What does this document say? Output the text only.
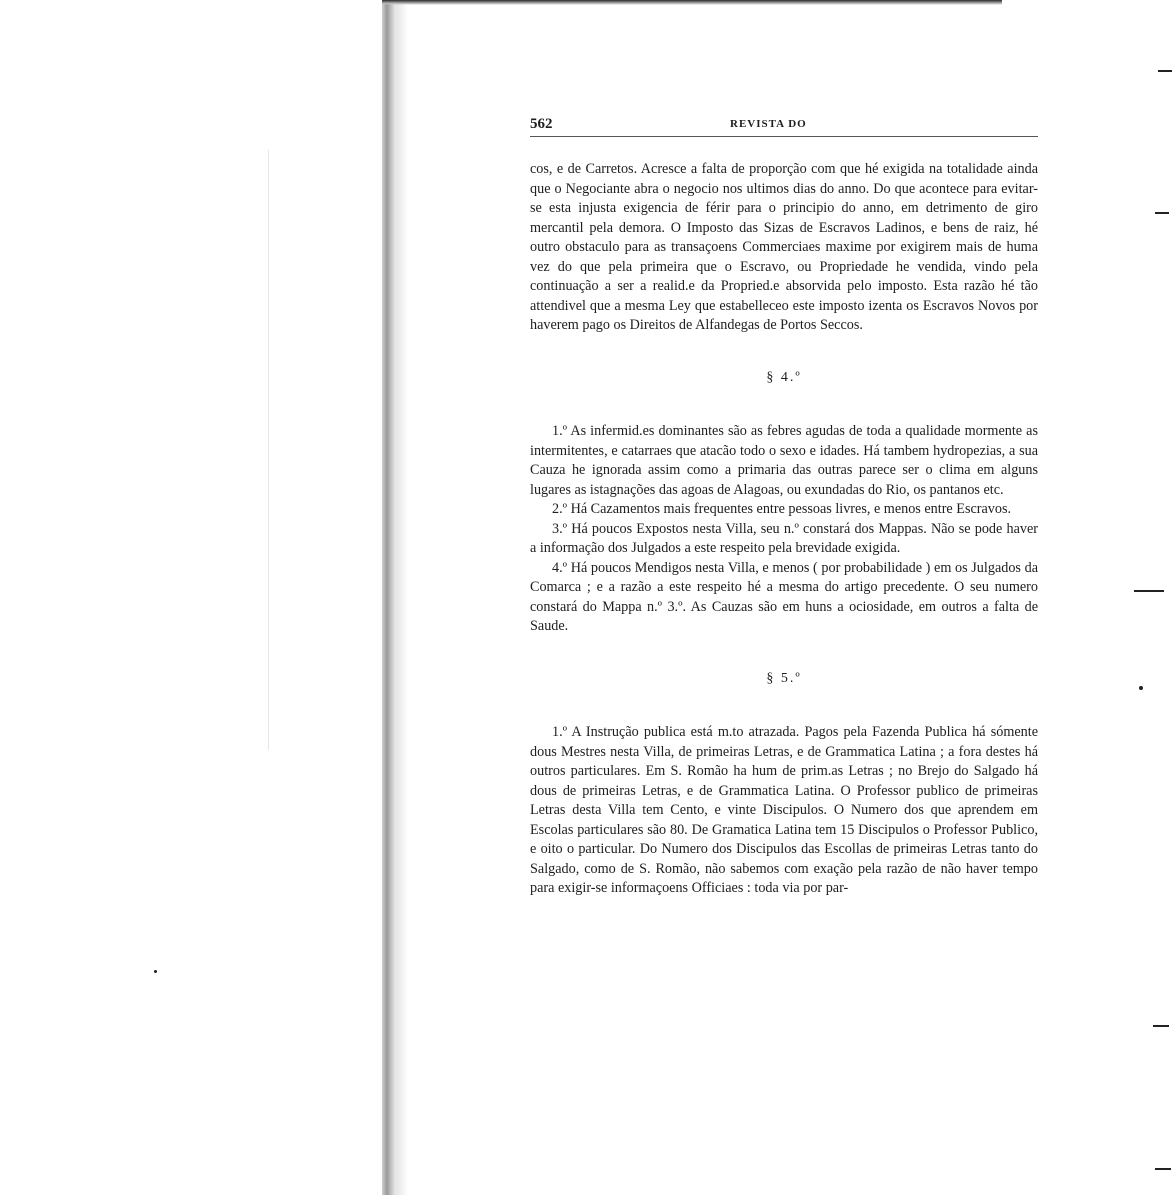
562	REVISTA DO

cos, e de Carretos. Acresce a falta de proporção com que hé exigida na totalidade ainda que o Negociante abra o negocio nos ultimos dias do anno. Do que acontece para evitar-se esta injusta exigencia de férir para o principio do anno, em detrimento de giro mercantil pela demora. O Imposto das Sizas de Escravos Ladinos, e bens de raiz, hé outro obstaculo para as transaçoens Commerciaes maxime por exigirem mais de huma vez do que pela primeira que o Escravo, ou Propriedade he vendida, vindo pela continuação a ser a realid.e da Propried.e absorvida pelo imposto. Esta razão hé tão attendivel que a mesma Ley que estabelleceo este imposto izenta os Escravos Novos por haverem pago os Direitos de Alfandegas de Portos Seccos.

§ 4.º

1.º As infermid.es dominantes são as febres agudas de toda a qualidade mormente as intermitentes, e catarraes que atacão todo o sexo e idades. Há tambem hydropezias, a sua Cauza he ignorada assim como a primaria das outras parece ser o clima em alguns lugares as istagnações das agoas de Alagoas, ou exundadas do Rio, os pantanos etc.

2.º Há Cazamentos mais frequentes entre pessoas livres, e menos entre Escravos.

3.º Há poucos Expostos nesta Villa, seu n.º constará dos Mappas. Não se pode haver a informação dos Julgados a este respeito pela brevidade exigida.

4.º Há poucos Mendigos nesta Villa, e menos ( por probabilidade ) em os Julgados da Comarca ; e a razão a este respeito hé a mesma do artigo precedente. O seu numero constará do Mappa n.º 3.º. As Cauzas são em huns a ociosidade, em outros a falta de Saude.

§ 5.º

1.º A Instrução publica está m.to atrazada. Pagos pela Fazenda Publica há sómente dous Mestres nesta Villa, de primeiras Letras, e de Grammatica Latina ; a fora destes há outros particulares. Em S. Romão ha hum de prim.as Letras ; no Brejo do Salgado há dous de primeiras Letras, e de Grammatica Latina. O Professor publico de primeiras Letras desta Villa tem Cento, e vinte Discipulos. O Numero dos que aprendem em Escolas particulares são 80. De Gramatica Latina tem 15 Discipulos o Professor Publico, e oito o particular. Do Numero dos Discipulos das Escollas de primeiras Letras tanto do Salgado, como de S. Romão, não sabemos com exação pela razão de não haver tempo para exigir-se informaçoens Officiaes : toda via por par-
